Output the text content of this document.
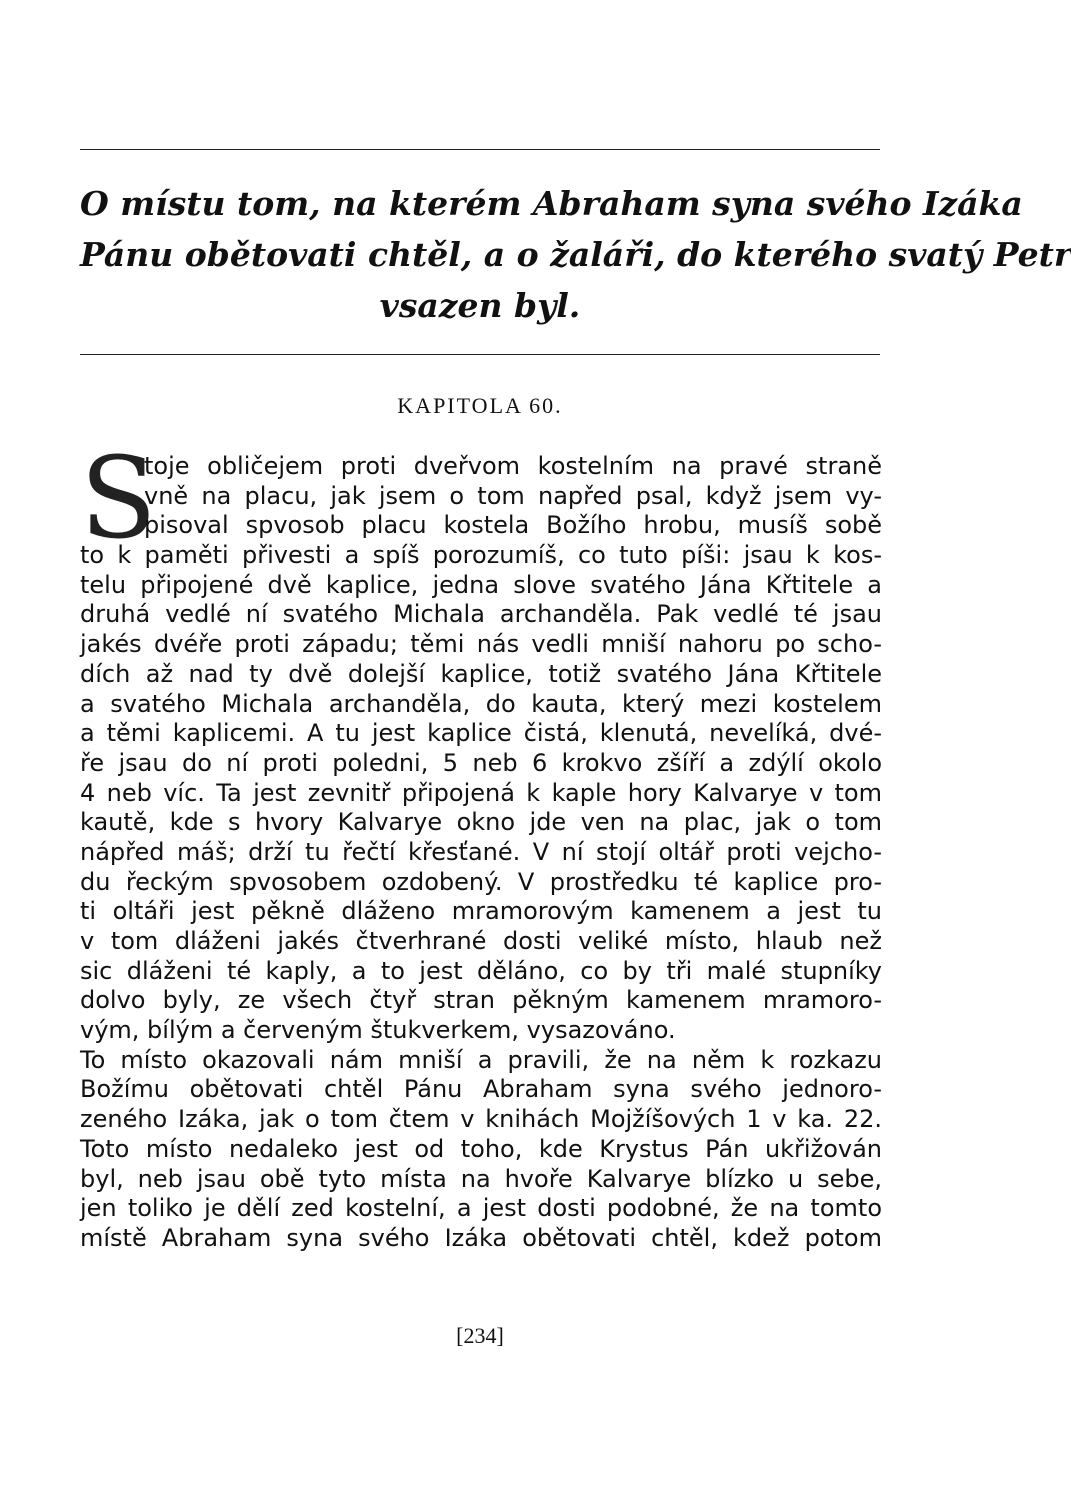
O místu tom, na kterém Abraham syna svého Izáka
Pánu obětovati chtěl, a o žaláři, do kterého svatý Petr
vsazen byl.

KAPITOLA 60.

S
toje obličejem proti dveřvom kostelním na pravé straně
vně na placu, jak jsem o tom napřed psal, když jsem vy-
pisoval spvosob placu kostela Božího hrobu, musíš sobě
to k paměti přivesti a spíš porozumíš, co tuto píši: jsau k kos-
telu připojené dvě kaplice, jedna slove svatého Jána Křtitele a
druhá vedlé ní svatého Michala archanděla. Pak vedlé té jsau
jakés dvéře proti západu; těmi nás vedli mniší nahoru po scho-
dích až nad ty dvě dolejší kaplice, totiž svatého Jána Křtitele
a svatého Michala archanděla, do kauta, který mezi kostelem
a těmi kaplicemi. A tu jest kaplice čistá, klenutá, nevelíká, dvé-
ře jsau do ní proti poledni, 5 neb 6 krokvo zšíří a zdýlí okolo
4 neb víc. Ta jest zevnitř připojená k kaple hory Kalvarye v tom
kautě, kde s hvory Kalvarye okno jde ven na plac, jak o tom
nápřed máš; drží tu řečtí křesťané. V ní stojí oltář proti vejcho-
du řeckým spvosobem ozdobený. V prostředku té kaplice pro-
ti oltáři jest pěkně dláženo mramorovým kamenem a jest tu
v tom dláženi jakés čtverhrané dosti veliké místo, hlaub než
sic dláženi té kaply, a to jest děláno, co by tři malé stupníky
dolvo byly, ze všech čtyř stran pěkným kamenem mramoro-
vým, bílým a červeným štukverkem, vysazováno.
To místo okazovali nám mniší a pravili, že na něm k rozkazu
Božímu obětovati chtěl Pánu Abraham syna svého jednoro-
zeného Izáka, jak o tom čtem v knihách Mojžíšových 1 v ka. 22.
Toto místo nedaleko jest od toho, kde Krystus Pán ukřižován
byl, neb jsau obě tyto místa na hvoře Kalvarye blízko u sebe,
jen toliko je dělí zed kostelní, a jest dosti podobné, že na tomto
místě Abraham syna svého Izáka obětovati chtěl, kdež potom

[234]
